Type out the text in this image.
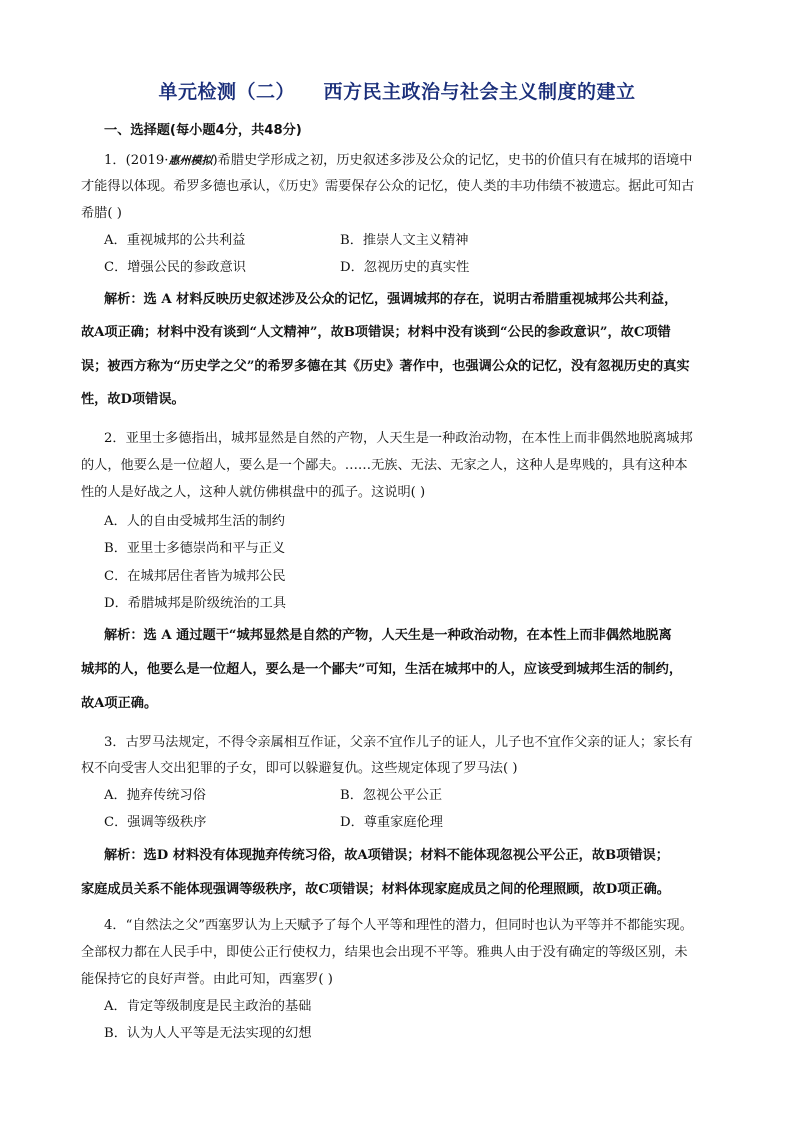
单元检测（二）    西方民主政治与社会主义制度的建立
一、选择题(每小题4分，共48分)
1．(2019·惠州模拟)希腊史学形成之初，历史叙述多涉及公众的记忆，史书的价值只有在城邦的语境中
才能得以体现。希罗多德也承认，《历史》需要保存公众的记忆，使人类的丰功伟绩不被遗忘。据此可知古
希腊( )
A．重视城邦的公共利益	B．推崇人文主义精神
C．增强公民的参政意识	D．忽视历史的真实性
解析：选 A 材料反映历史叙述涉及公众的记忆，强调城邦的存在，说明古希腊重视城邦公共利益，
故A项正确；材料中没有谈到“人文精神”，故B项错误；材料中没有谈到“公民的参政意识”，故C项错
误；被西方称为“历史学之父”的希罗多德在其《历史》著作中，也强调公众的记忆，没有忽视历史的真实
性，故D项错误。
2．亚里士多德指出，城邦显然是自然的产物，人天生是一种政治动物，在本性上而非偶然地脱离城邦
的人，他要么是一位超人，要么是一个鄙夫。……无族、无法、无家之人，这种人是卑贱的，具有这种本
性的人是好战之人，这种人就仿佛棋盘中的孤子。这说明( )
A．人的自由受城邦生活的制约
B．亚里士多德崇尚和平与正义
C．在城邦居住者皆为城邦公民
D．希腊城邦是阶级统治的工具
解析：选 A 通过题干“城邦显然是自然的产物，人天生是一种政治动物，在本性上而非偶然地脱离
城邦的人，他要么是一位超人，要么是一个鄙夫”可知，生活在城邦中的人，应该受到城邦生活的制约，
故A项正确。
3．古罗马法规定，不得令亲属相互作证，父亲不宜作儿子的证人，儿子也不宜作父亲的证人；家长有
权不向受害人交出犯罪的子女，即可以躲避复仇。这些规定体现了罗马法( )
A．抛弃传统习俗	B．忽视公平公正
C．强调等级秩序	D．尊重家庭伦理
解析：选D 材料没有体现抛弃传统习俗，故A项错误；材料不能体现忽视公平公正，故B项错误；
家庭成员关系不能体现强调等级秩序，故C项错误；材料体现家庭成员之间的伦理照顾，故D项正确。
4．“自然法之父”西塞罗认为上天赋予了每个人平等和理性的潜力，但同时也认为平等并不都能实现。
全部权力都在人民手中，即使公正行使权力，结果也会出现不平等。雅典人由于没有确定的等级区别，未
能保持它的良好声誉。由此可知，西塞罗( )
A．肯定等级制度是民主政治的基础
B．认为人人平等是无法实现的幻想
